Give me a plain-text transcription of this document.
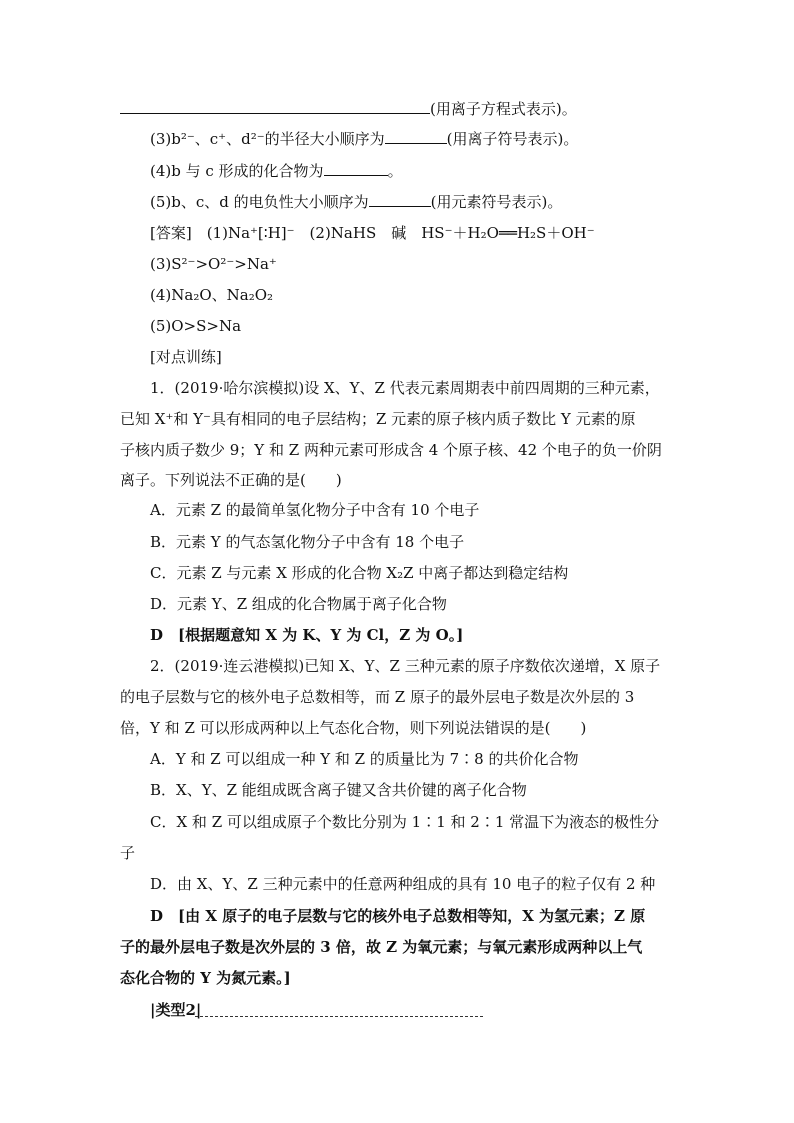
(用离子方程式表示)。
(3)b²⁻、c⁺、d²⁻的半径大小顺序为	(用离子符号表示)。
(4)b 与 c 形成的化合物为	。
(5)b、c、d 的电负性大小顺序为	(用元素符号表示)。
[答案]　(1)Na⁺[∶H]⁻　(2)NaHS　碱　HS⁻＋H₂O══H₂S＋OH⁻
(3)S²⁻>O²⁻>Na⁺
(4)Na₂O、Na₂O₂
(5)O>S>Na
[对点训练]
1．(2019·哈尔滨模拟)设 X、Y、Z 代表元素周期表中前四周期的三种元素，
已知 X⁺和 Y⁻具有相同的电子层结构；Z 元素的原子核内质子数比 Y 元素的原
子核内质子数少 9；Y 和 Z 两种元素可形成含 4 个原子核、42 个电子的负一价阴
离子。下列说法不正确的是(　　)
A．元素 Z 的最简单氢化物分子中含有 10 个电子
B．元素 Y 的气态氢化物分子中含有 18 个电子
C．元素 Z 与元素 X 形成的化合物 X₂Z 中离子都达到稳定结构
D．元素 Y、Z 组成的化合物属于离子化合物
D　[根据题意知 X 为 K、Y 为 Cl，Z 为 O。]
2．(2019·连云港模拟)已知 X、Y、Z 三种元素的原子序数依次递增，X 原子
的电子层数与它的核外电子总数相等，而 Z 原子的最外层电子数是次外层的 3
倍，Y 和 Z 可以形成两种以上气态化合物，则下列说法错误的是(　　)
A．Y 和 Z 可以组成一种 Y 和 Z 的质量比为 7∶8 的共价化合物
B．X、Y、Z 能组成既含离子键又含共价键的离子化合物
C．X 和 Z 可以组成原子个数比分别为 1∶1 和 2∶1 常温下为液态的极性分
子
D．由 X、Y、Z 三种元素中的任意两种组成的具有 10 电子的粒子仅有 2 种
D　[由 X 原子的电子层数与它的核外电子总数相等知，X 为氢元素；Z 原
子的最外层电子数是次外层的 3 倍，故 Z 为氧元素；与氧元素形成两种以上气
态化合物的 Y 为氮元素。]
|类型2|
